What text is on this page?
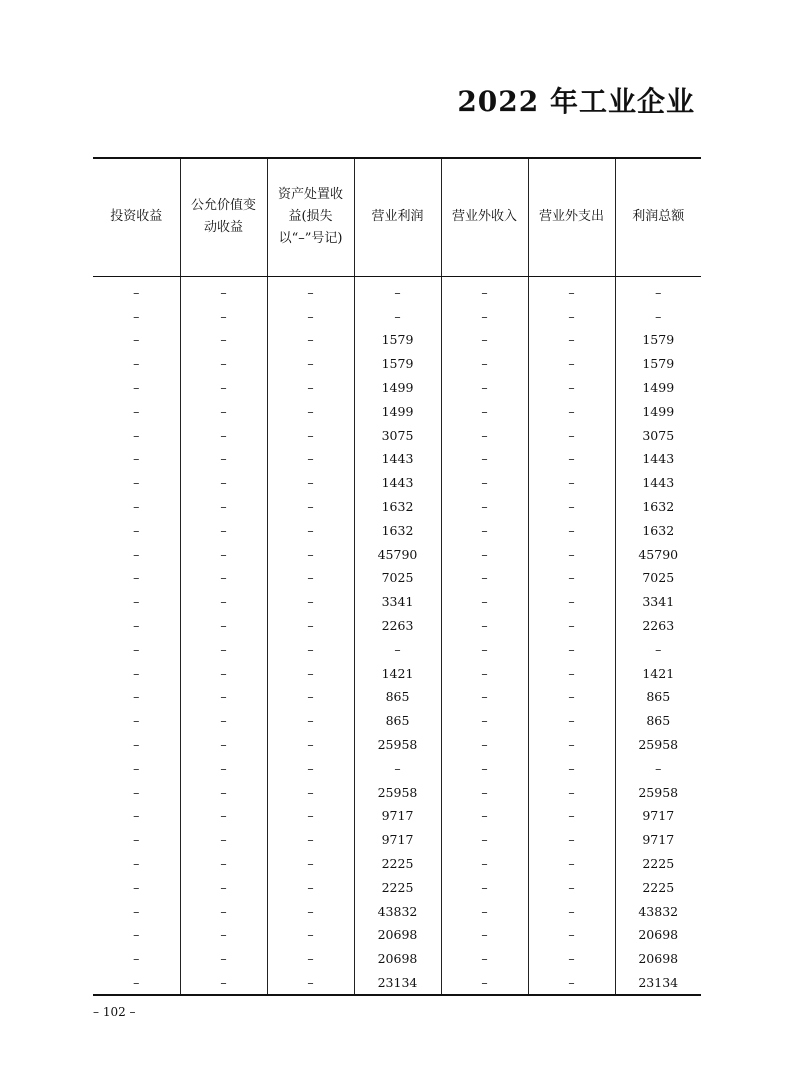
2022 年工业企业
投资收益	公允价值变动收益	资产处置收益(损失以“–”号记)	营业利润	营业外收入	营业外支出	利润总额
–	–	–	–	–	–	–
–	–	–	–	–	–	–
–	–	–	1579	–	–	1579
–	–	–	1579	–	–	1579
–	–	–	1499	–	–	1499
–	–	–	1499	–	–	1499
–	–	–	3075	–	–	3075
–	–	–	1443	–	–	1443
–	–	–	1443	–	–	1443
–	–	–	1632	–	–	1632
–	–	–	1632	–	–	1632
–	–	–	45790	–	–	45790
–	–	–	7025	–	–	7025
–	–	–	3341	–	–	3341
–	–	–	2263	–	–	2263
–	–	–	–	–	–	–
–	–	–	1421	–	–	1421
–	–	–	865	–	–	865
–	–	–	865	–	–	865
–	–	–	25958	–	–	25958
–	–	–	–	–	–	–
–	–	–	25958	–	–	25958
–	–	–	9717	–	–	9717
–	–	–	9717	–	–	9717
–	–	–	2225	–	–	2225
–	–	–	2225	–	–	2225
–	–	–	43832	–	–	43832
–	–	–	20698	–	–	20698
–	–	–	20698	–	–	20698
–	–	–	23134	–	–	23134
– 102 –
